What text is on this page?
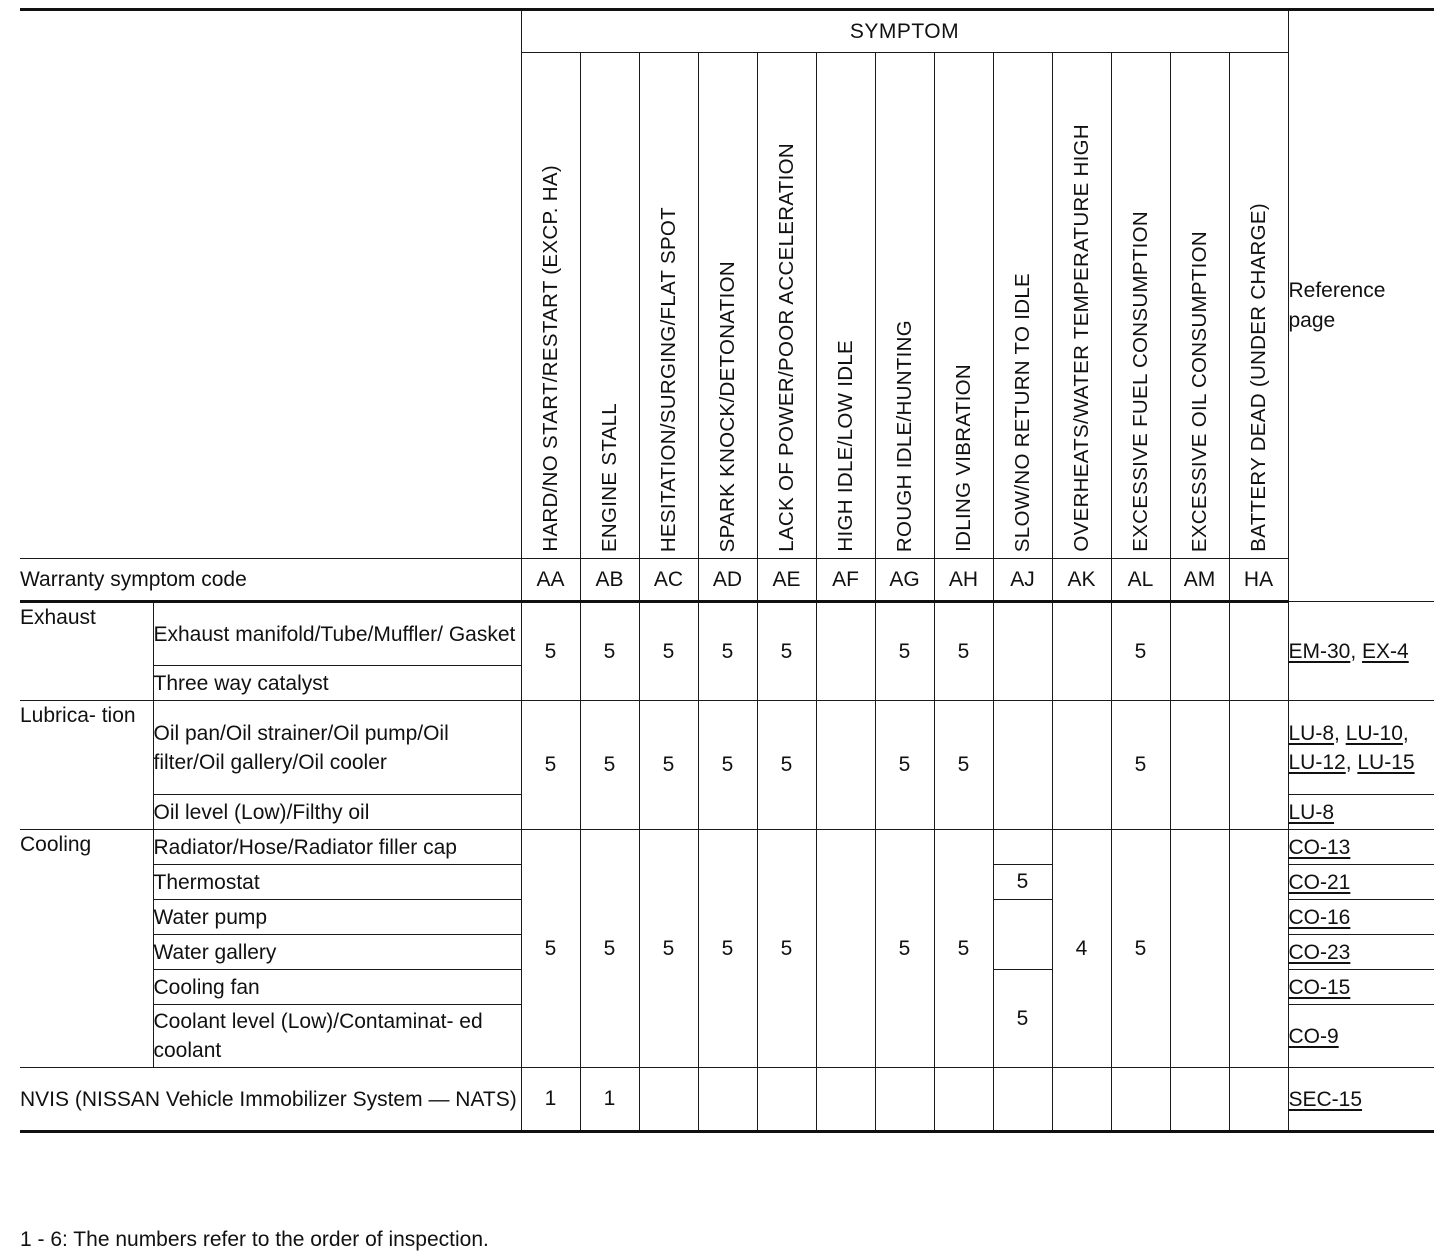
		SYMPTOM													Reference page
		HARD/NO START/RESTART (EXCP. HA)	ENGINE STALL	HESITATION/SURGING/FLAT SPOT	SPARK KNOCK/DETONATION	LACK OF POWER/POOR ACCELERATION	HIGH IDLE/LOW IDLE	ROUGH IDLE/HUNTING	IDLING VIBRATION	SLOW/NO RETURN TO IDLE	OVERHEATS/WATER TEMPERATURE HIGH	EXCESSIVE FUEL CONSUMPTION	EXCESSIVE OIL CONSUMPTION	BATTERY DEAD (UNDER CHARGE)	
Warranty symptom code		AA	AB	AC	AD	AE	AF	AG	AH	AJ	AK	AL	AM	HA	
Exhaust	Exhaust manifold/Tube/Muffler/ Gasket	5	5	5	5	5		5	5			5			EM-30, EX-4
	Three way catalyst														
Lubrica- tion	Oil pan/Oil strainer/Oil pump/Oil filter/Oil gallery/Oil cooler	5	5	5	5	5		5	5			5			LU-8, LU-10, LU-12, LU-15
	Oil level (Low)/Filthy oil														LU-8
Cooling	Radiator/Hose/Radiator filler cap	5	5	5	5	5		5	5		4	5			CO-13
	Thermostat									5					CO-21
	Water pump														CO-16
	Water gallery														CO-23
	Cooling fan									5					CO-15
	Coolant level (Low)/Contaminat- ed coolant														CO-9
NVIS (NISSAN Vehicle Immobilizer System — NATS)		1	1												SEC-15
1 - 6: The numbers refer to the order of inspection.
